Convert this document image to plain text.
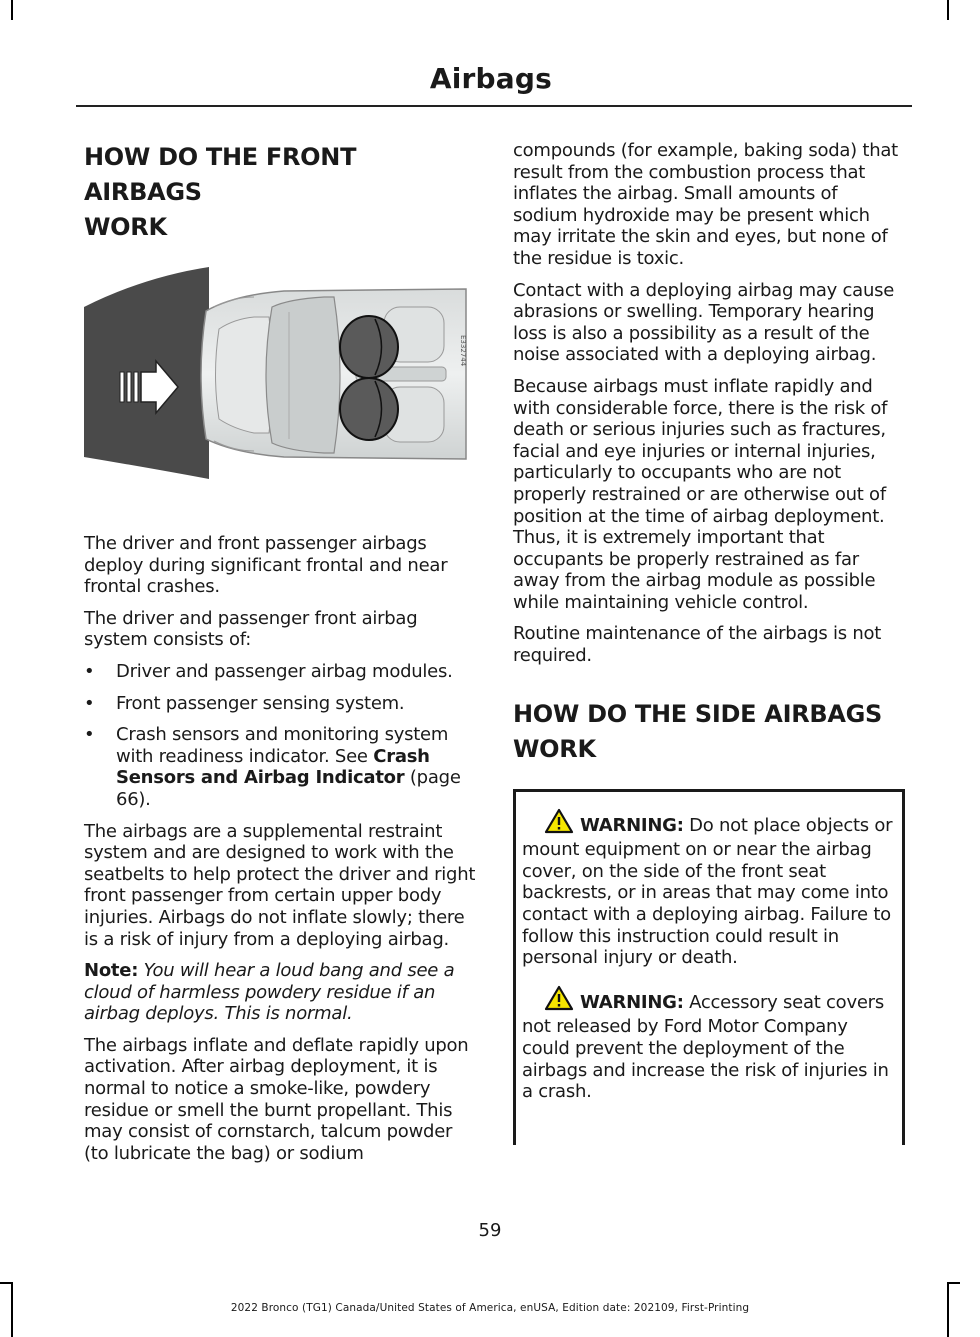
Airbags
HOW DO THE FRONT AIRBAGS
WORK
E332744

The driver and front passenger airbags deploy during significant frontal and near frontal crashes.

The driver and passenger front airbag system consists of:

• Driver and passenger airbag modules.
• Front passenger sensing system.
• Crash sensors and monitoring system with readiness indicator. See Crash Sensors and Airbag Indicator (page 66).

The airbags are a supplemental restraint system and are designed to work with the seatbelts to help protect the driver and right front passenger from certain upper body injuries. Airbags do not inflate slowly; there is a risk of injury from a deploying airbag.

Note: You will hear a loud bang and see a cloud of harmless powdery residue if an airbag deploys. This is normal.

The airbags inflate and deflate rapidly upon activation. After airbag deployment, it is normal to notice a smoke-like, powdery residue or smell the burnt propellant. This may consist of cornstarch, talcum powder (to lubricate the bag) or sodium

compounds (for example, baking soda) that result from the combustion process that inflates the airbag. Small amounts of sodium hydroxide may be present which may irritate the skin and eyes, but none of the residue is toxic.

Contact with a deploying airbag may cause abrasions or swelling. Temporary hearing loss is also a possibility as a result of the noise associated with a deploying airbag.

Because airbags must inflate rapidly and with considerable force, there is the risk of death or serious injuries such as fractures, facial and eye injuries or internal injuries, particularly to occupants who are not properly restrained or are otherwise out of position at the time of airbag deployment. Thus, it is extremely important that occupants be properly restrained as far away from the airbag module as possible while maintaining vehicle control.

Routine maintenance of the airbags is not required.

HOW DO THE SIDE AIRBAGS
WORK

WARNING: Do not place objects or mount equipment on or near the airbag cover, on the side of the front seat backrests, or in areas that may come into contact with a deploying airbag. Failure to follow this instruction could result in personal injury or death.

WARNING: Accessory seat covers not released by Ford Motor Company could prevent the deployment of the airbags and increase the risk of injuries in a crash.

59
2022 Bronco (TG1) Canada/United States of America, enUSA, Edition date: 202109, First-Printing
